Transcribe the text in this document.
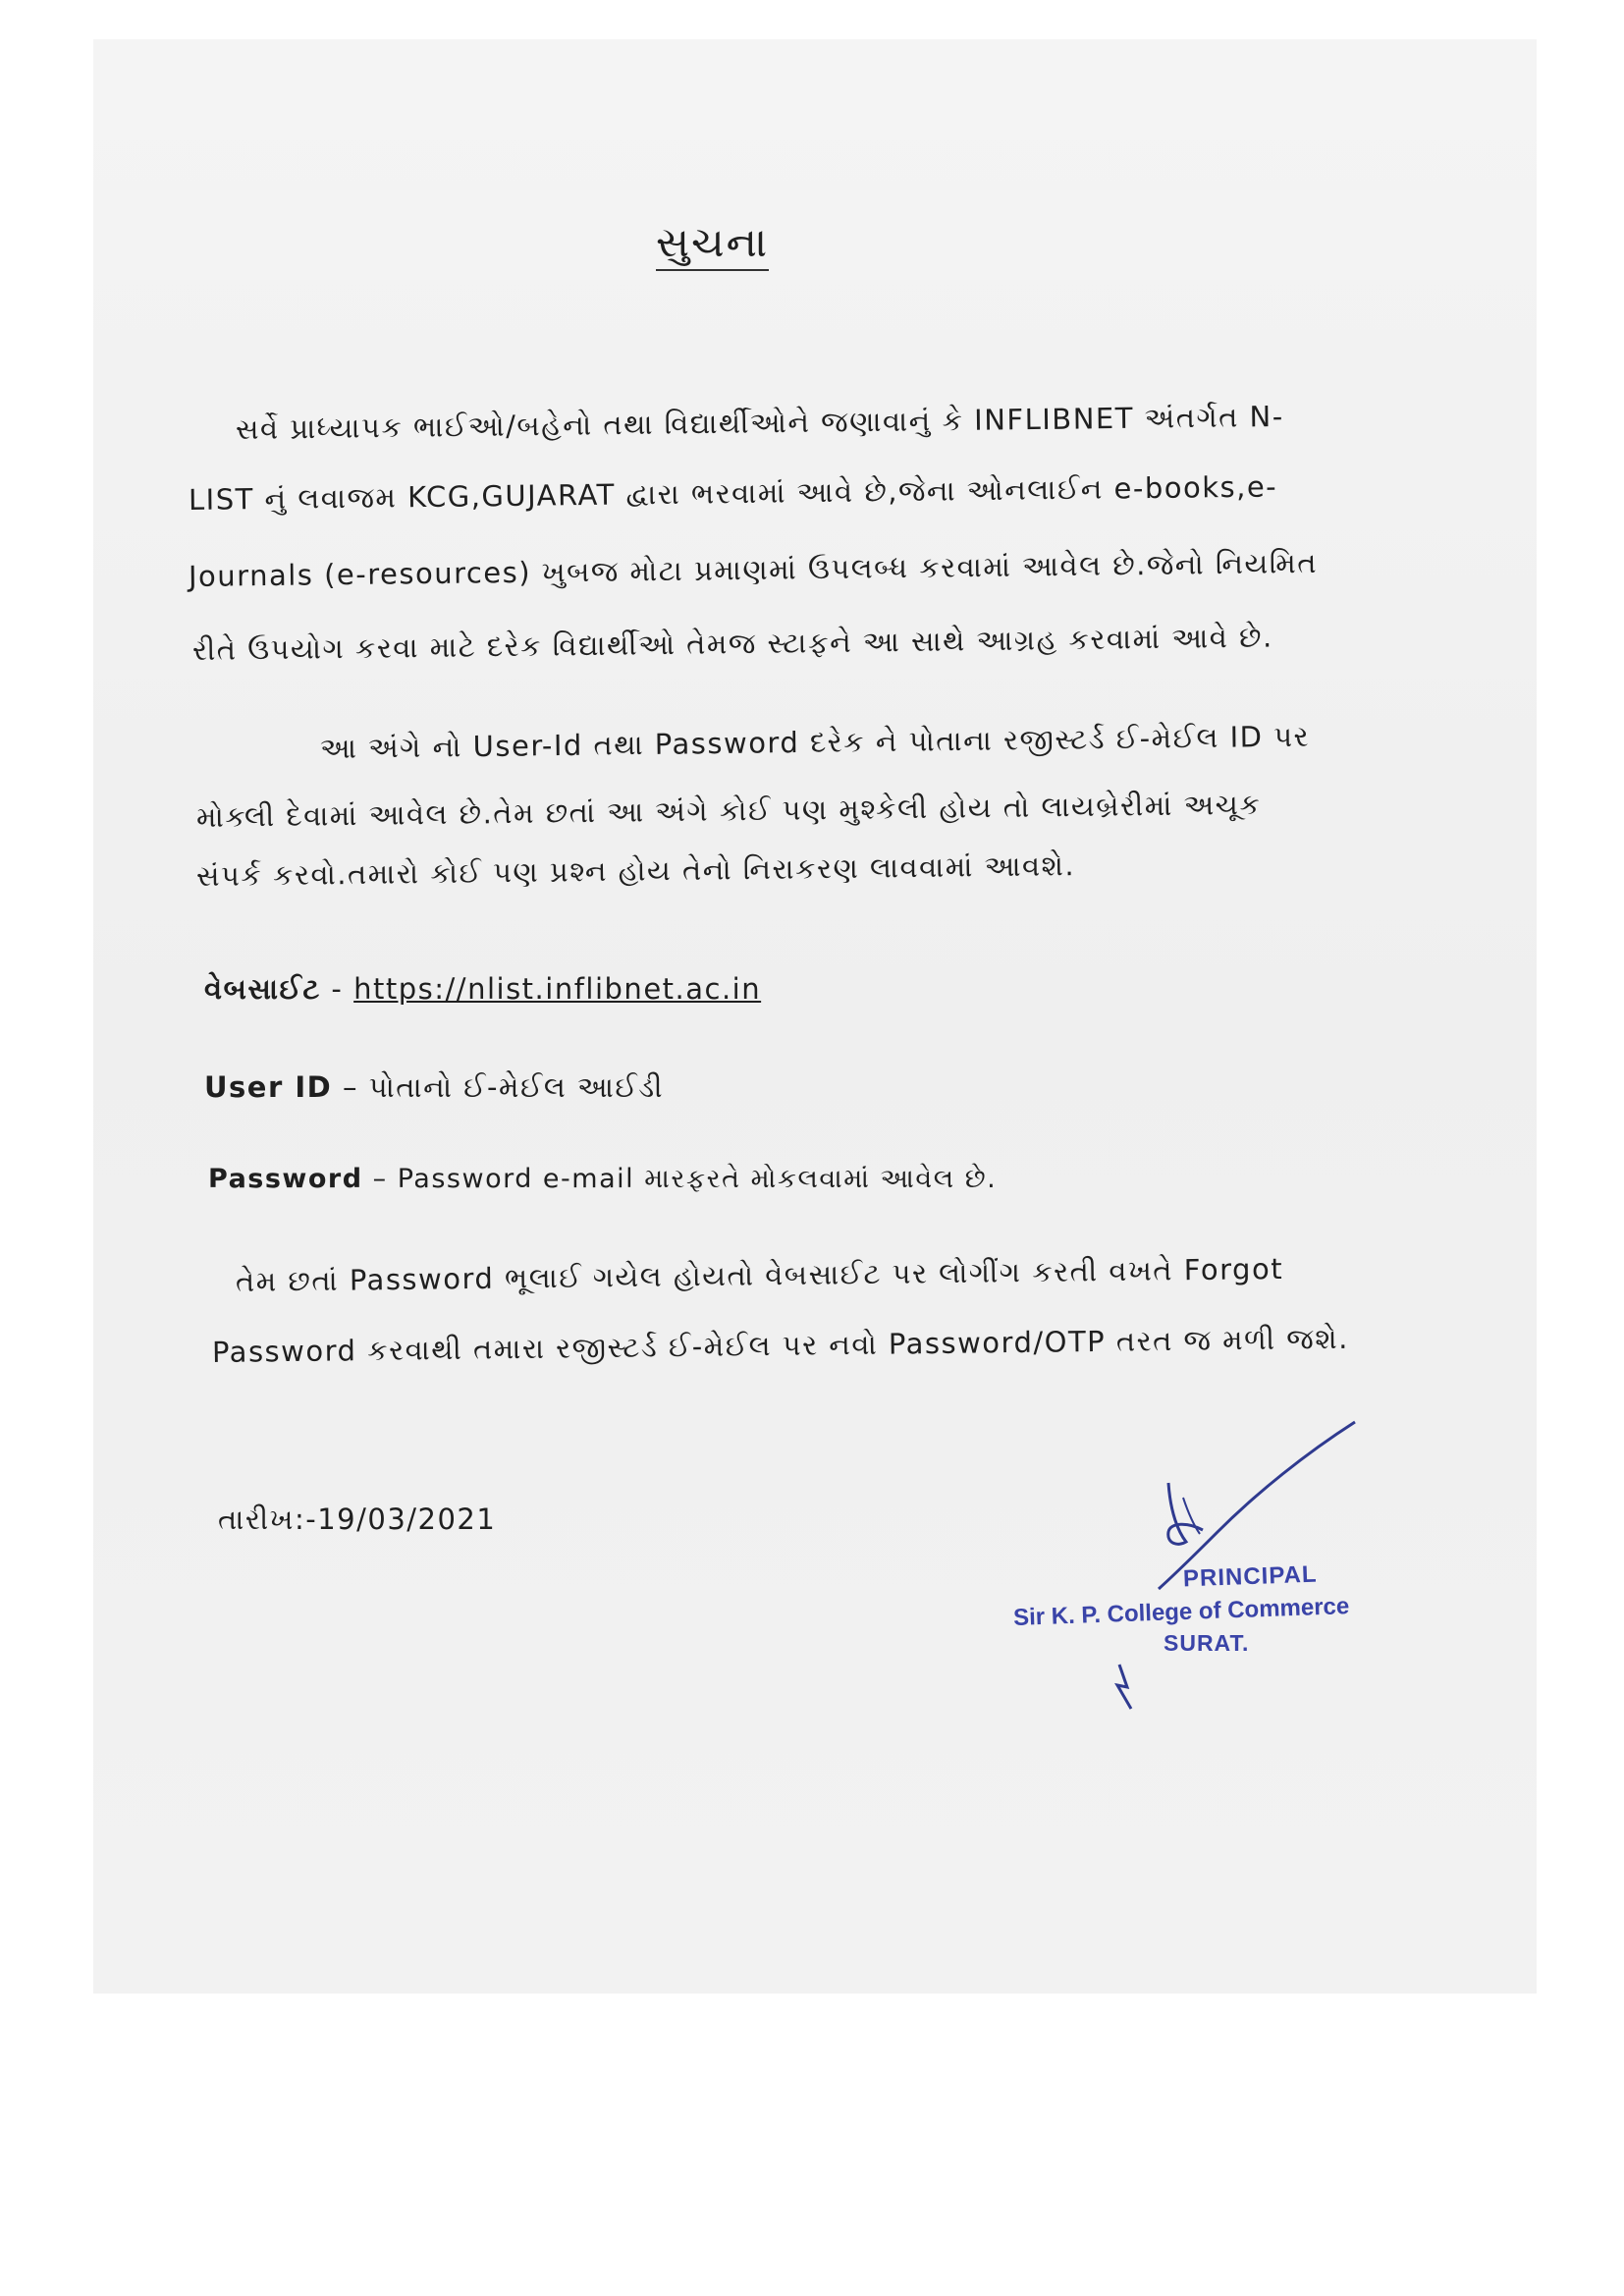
સુચના
સર્વે પ્રાધ્યાપક ભાઈઓ/બહેનો તથા વિદ્યાર્થીઓને જણાવાનું કે INFLIBNET અંતર્ગત N-
LIST નું લવાજમ KCG,GUJARAT દ્વારા ભરવામાં આવે છે,જેના ઓનલાઈન e-books,e-
Journals (e-resources) ખુબજ મોટા પ્રમાણમાં ઉપલબ્ધ કરવામાં આવેલ છે.જેનો નિયમિત
રીતે ઉપયોગ કરવા માટે દરેક વિદ્યાર્થીઓ તેમજ સ્ટાફને આ સાથે આગ્રહ કરવામાં આવે છે.
આ અંગે નો User-Id તથા Password દરેક ને પોતાના રજીસ્ટર્ડ ઈ-મેઈલ ID પર
મોક્લી દેવામાં આવેલ છે.તેમ છતાં આ અંગે કોઈ પણ મુશ્કેલી હોય તો લાયબ્રેરીમાં અચૂક
સંપર્ક કરવો.તમારો કોઈ પણ પ્રશ્ન હોય તેનો નિરાકરણ લાવવામાં આવશે.
વેબસાઈટ - https://nlist.inflibnet.ac.in
User ID – પોતાનો ઈ-મેઈલ આઈડી
Password – Password e-mail મારફરતે મોકલવામાં આવેલ છે.
તેમ છતાં Password ભૂલાઈ ગયેલ હોયતો વેબસાઈટ પર લોગીંગ કરતી વખતે Forgot
Password કરવાથી તમારા રજીસ્ટર્ડ ઈ-મેઈલ પર નવો Password/OTP તરત જ મળી જશે.
તારીખ:-19/03/2021
PRINCIPAL
Sir K. P. College of Commerce
SURAT.
